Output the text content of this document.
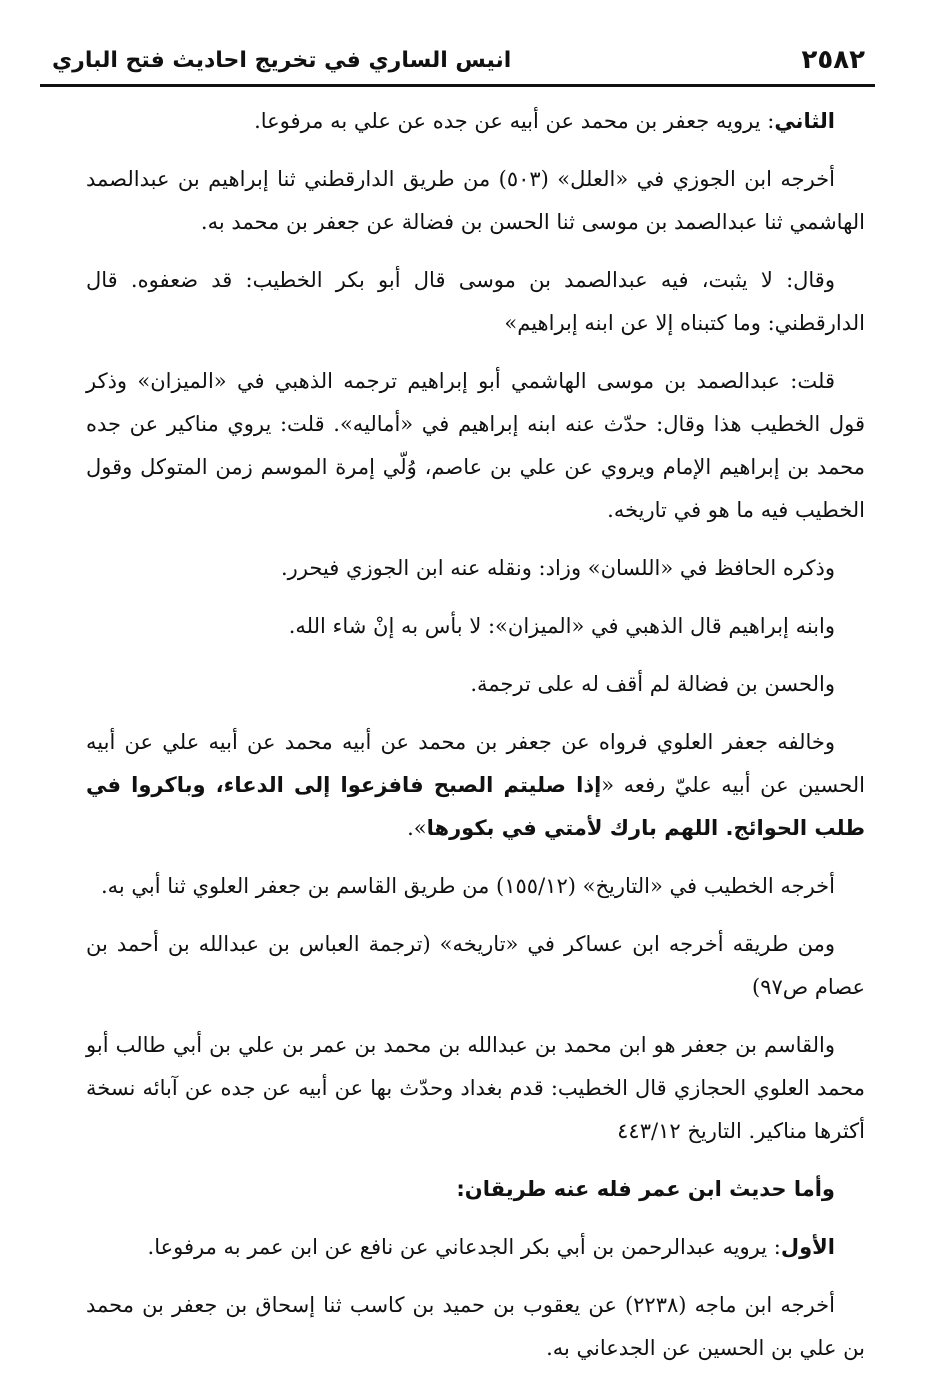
٢٥٨٢
انيس الساري في تخريج احاديث فتح الباري

الثاني: يرويه جعفر بن محمد عن أبيه عن جده عن علي به مرفوعا.

أخرجه ابن الجوزي في «العلل» (٥٠٣) من طريق الدارقطني ثنا إبراهيم بن عبدالصمد الهاشمي ثنا عبدالصمد بن موسى ثنا الحسن بن فضالة عن جعفر بن محمد به.

وقال: لا يثبت، فيه عبدالصمد بن موسى قال أبو بكر الخطيب: قد ضعفوه. قال الدارقطني: وما كتبناه إلا عن ابنه إبراهيم»

قلت: عبدالصمد بن موسى الهاشمي أبو إبراهيم ترجمه الذهبي في «الميزان» وذكر قول الخطيب هذا وقال: حدّث عنه ابنه إبراهيم في «أماليه». قلت: يروي مناكير عن جده محمد بن إبراهيم الإمام ويروي عن علي بن عاصم، وُلّي إمرة الموسم زمن المتوكل وقول الخطيب فيه ما هو في تاريخه.

وذكره الحافظ في «اللسان» وزاد: ونقله عنه ابن الجوزي فيحرر.

وابنه إبراهيم قال الذهبي في «الميزان»: لا بأس به إنْ شاء الله.

والحسن بن فضالة لم أقف له على ترجمة.

وخالفه جعفر العلوي فرواه عن جعفر بن محمد عن أبيه محمد عن أبيه علي عن أبيه الحسين عن أبيه عليّ رفعه «إذا صليتم الصبح فافزعوا إلى الدعاء، وباكروا في طلب الحوائج. اللهم بارك لأمتي في بكورها».

أخرجه الخطيب في «التاريخ» (١٥٥/١٢) من طريق القاسم بن جعفر العلوي ثنا أبي به.

ومن طريقه أخرجه ابن عساكر في «تاريخه» (ترجمة العباس بن عبدالله بن أحمد بن عصام ص٩٧)

والقاسم بن جعفر هو ابن محمد بن عبدالله بن محمد بن عمر بن علي بن أبي طالب أبو محمد العلوي الحجازي قال الخطيب: قدم بغداد وحدّث بها عن أبيه عن جده عن آبائه نسخة أكثرها مناكير. التاريخ ٤٤٣/١٢

وأما حديث ابن عمر فله عنه طريقان:

الأول: يرويه عبدالرحمن بن أبي بكر الجدعاني عن نافع عن ابن عمر به مرفوعا.

أخرجه ابن ماجه (٢٢٣٨) عن يعقوب بن حميد بن كاسب ثنا إسحاق بن جعفر بن محمد بن علي بن الحسين عن الجدعاني به.
